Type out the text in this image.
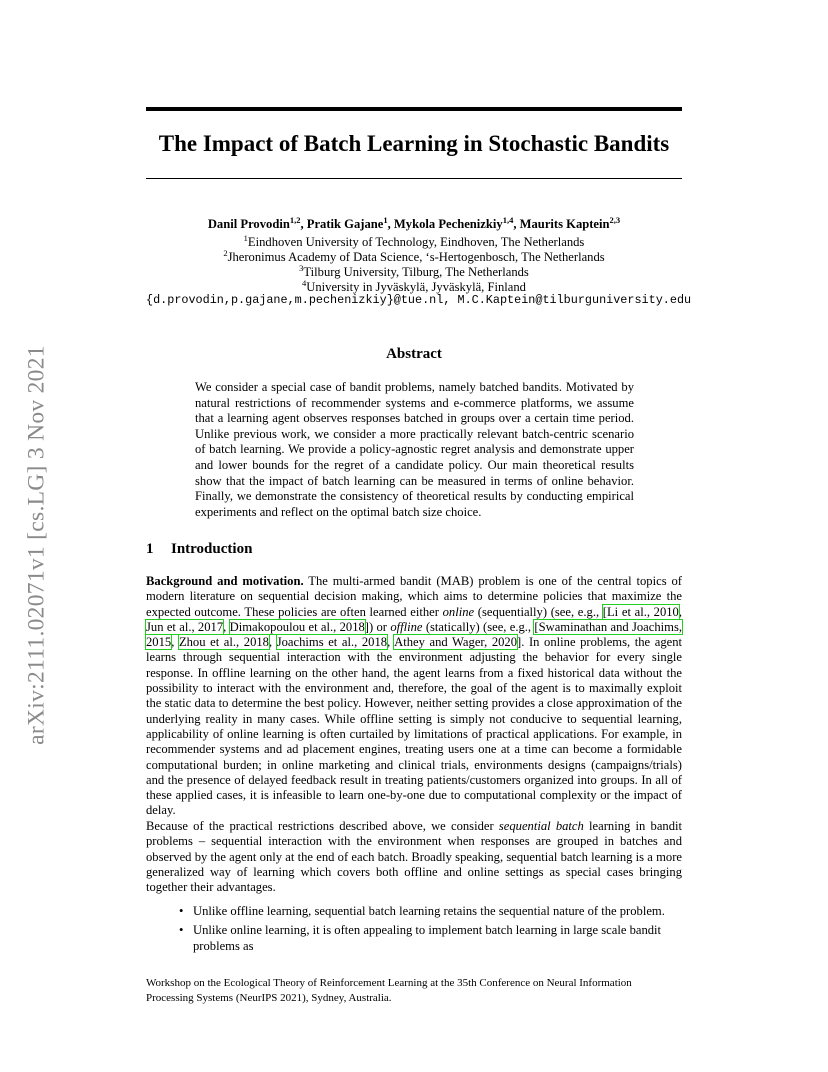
arXiv:2111.02071v1 [cs.LG] 3 Nov 2021
The Impact of Batch Learning in Stochastic Bandits
Danil Provodin$^{1,2}$, Pratik Gajane$^1$, Mykola Pechenizkiy$^{1,4}$, Maurits Kaptein$^{2,3}$
$^1$Eindhoven University of Technology, Eindhoven, The Netherlands
$^2$Jheronimus Academy of Data Science, ‘s-Hertogenbosch, The Netherlands
$^3$Tilburg University, Tilburg, The Netherlands
$^4$University in Jyväskylä, Jyväskylä, Finland
{d.provodin,p.gajane,m.pechenizkiy}@tue.nl, M.C.Kaptein@tilburguniversity.edu
Abstract
We consider a special case of bandit problems, namely batched bandits. Motivated by natural restrictions of recommender systems and e-commerce platforms, we assume that a learning agent observes responses batched in groups over a certain time period. Unlike previous work, we consider a more practically relevant batch-centric scenario of batch learning. We provide a policy-agnostic regret analysis and demonstrate upper and lower bounds for the regret of a candidate policy. Our main theoretical results show that the impact of batch learning can be measured in terms of online behavior. Finally, we demonstrate the consistency of theoretical results by conducting empirical experiments and reflect on the optimal batch size choice.
1 Introduction
Background and motivation. The multi-armed bandit (MAB) problem is one of the central topics of modern literature on sequential decision making, which aims to determine policies that maximize the expected outcome. These policies are often learned either online (sequentially) (see, e.g., [Li et al., 2010, Jun et al., 2017, Dimakopoulou et al., 2018]) or offline (statically) (see, e.g., [Swaminathan and Joachims, 2015, Zhou et al., 2018, Joachims et al., 2018, Athey and Wager, 2020]. In online problems, the agent learns through sequential interaction with the environment adjusting the behavior for every single response. In offline learning on the other hand, the agent learns from a fixed historical data without the possibility to interact with the environment and, therefore, the goal of the agent is to maximally exploit the static data to determine the best policy. However, neither setting provides a close approximation of the underlying reality in many cases. While offline setting is simply not conducive to sequential learning, applicability of online learning is often curtailed by limitations of practical applications. For example, in recommender systems and ad placement engines, treating users one at a time can become a formidable computational burden; in online marketing and clinical trials, environments designs (campaigns/trials) and the presence of delayed feedback result in treating patients/customers organized into groups. In all of these applied cases, it is infeasible to learn one-by-one due to computational complexity or the impact of delay.
Because of the practical restrictions described above, we consider sequential batch learning in bandit problems – sequential interaction with the environment when responses are grouped in batches and observed by the agent only at the end of each batch. Broadly speaking, sequential batch learning is a more generalized way of learning which covers both offline and online settings as special cases bringing together their advantages.
• Unlike offline learning, sequential batch learning retains the sequential nature of the problem.
• Unlike online learning, it is often appealing to implement batch learning in large scale bandit problems as
Workshop on the Ecological Theory of Reinforcement Learning at the 35th Conference on Neural Information Processing Systems (NeurIPS 2021), Sydney, Australia.
